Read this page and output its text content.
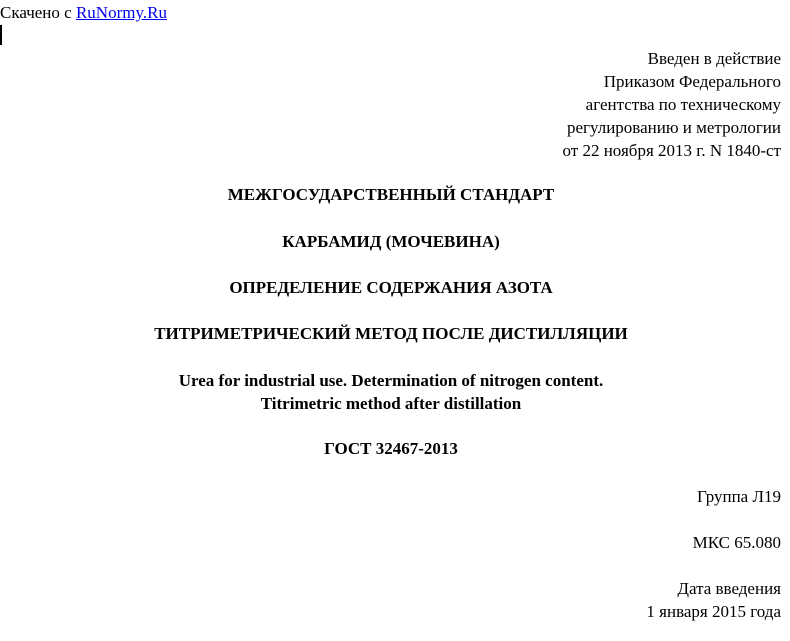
Скачено с RuNormy.Ru
Введен в действие
Приказом Федерального
агентства по техническому
регулированию и метрологии
от 22 ноября 2013 г. N 1840-ст
МЕЖГОСУДАРСТВЕННЫЙ СТАНДАРТ
КАРБАМИД (МОЧЕВИНА)
ОПРЕДЕЛЕНИЕ СОДЕРЖАНИЯ АЗОТА
ТИТРИМЕТРИЧЕСКИЙ МЕТОД ПОСЛЕ ДИСТИЛЛЯЦИИ
Urea for industrial use. Determination of nitrogen content.
Titrimetric method after distillation
ГОСТ 32467-2013
Группа Л19
МКС 65.080
Дата введения
1 января 2015 года
